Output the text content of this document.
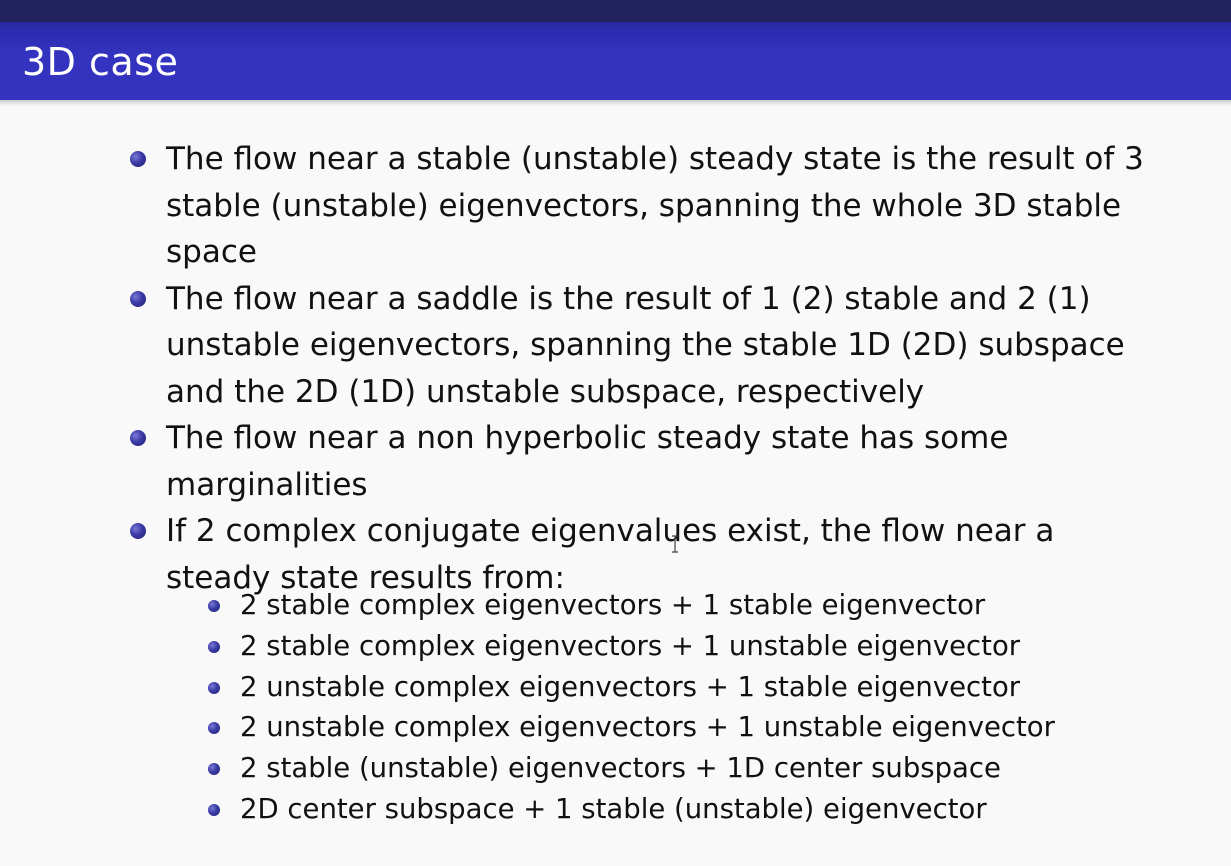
3D case
The flow near a stable (unstable) steady state is the result of 3 stable (unstable) eigenvectors, spanning the whole 3D stable space
The flow near a saddle is the result of 1 (2) stable and 2 (1) unstable eigenvectors, spanning the stable 1D (2D) subspace and the 2D (1D) unstable subspace, respectively
The flow near a non hyperbolic steady state has some marginalities
If 2 complex conjugate eigenvalues exist, the flow near a steady state results from:
2 stable complex eigenvectors + 1 stable eigenvector
2 stable complex eigenvectors + 1 unstable eigenvector
2 unstable complex eigenvectors + 1 stable eigenvector
2 unstable complex eigenvectors + 1 unstable eigenvector
2 stable (unstable) eigenvectors + 1D center subspace
2D center subspace + 1 stable (unstable) eigenvector
